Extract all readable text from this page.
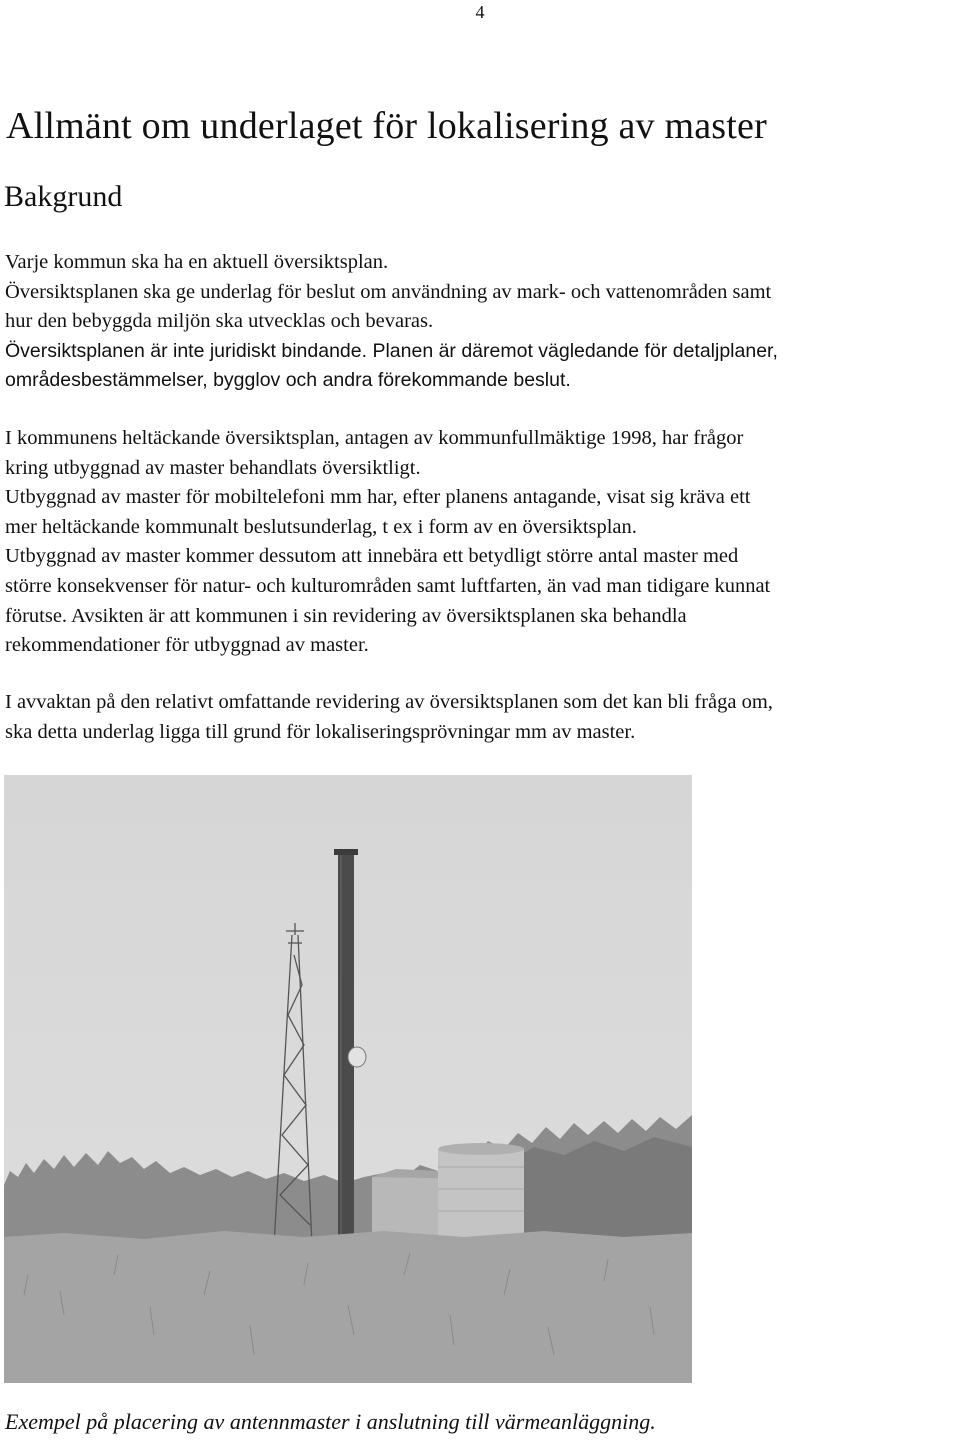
4
Allmänt om underlaget för lokalisering av master
Bakgrund
Varje kommun ska ha en aktuell översiktsplan.
Översiktsplanen ska ge underlag för beslut om användning av mark- och vattenområden samt
hur den bebyggda miljön ska utvecklas och bevaras.
Översiktsplanen är inte juridiskt bindande. Planen är däremot vägledande för detaljplaner,
områdesbestämmelser, bygglov och andra förekommande beslut.
I kommunens heltäckande översiktsplan, antagen av kommunfullmäktige 1998, har frågor
kring utbyggnad av master behandlats översiktligt.
Utbyggnad av master för mobiltelefoni mm har, efter planens antagande, visat sig kräva ett
mer heltäckande kommunalt beslutsunderlag, t ex i form av en översiktsplan.
Utbyggnad av master kommer dessutom att innebära ett betydligt större antal master med
större konsekvenser för natur- och kulturområden samt luftfarten, än vad man tidigare kunnat
förutse. Avsikten är att kommunen i sin revidering av översiktsplanen ska behandla
rekommendationer för utbyggnad av master.
I avvaktan på den relativt omfattande revidering av översiktsplanen som det kan bli fråga om,
ska detta underlag ligga till grund för lokaliseringsprövningar mm av master.

Exempel på placering av antennmaster i anslutning till värmeanläggning.
